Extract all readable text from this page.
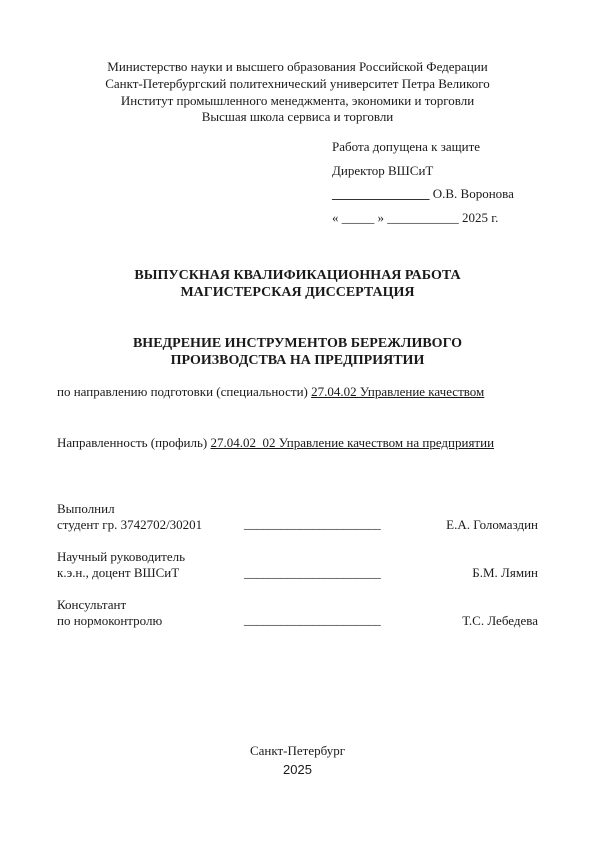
Министерство науки и высшего образования Российской Федерации
Санкт-Петербургский политехнический университет Петра Великого
Институт промышленного менеджмента, экономики и торговли
Высшая школа сервиса и торговли
Работа допущена к защите
Директор ВШСиТ
_______________ О.В. Воронова
« _____ » ___________ 2025 г.
ВЫПУСКНАЯ КВАЛИФИКАЦИОННАЯ РАБОТА
МАГИСТЕРСКАЯ ДИССЕРТАЦИЯ
ВНЕДРЕНИЕ ИНСТРУМЕНТОВ БЕРЕЖЛИВОГО
ПРОИЗВОДСТВА НА ПРЕДПРИЯТИИ
по направлению подготовки (специальности) 27.04.02 Управление качеством
Направленность (профиль) 27.04.02_02 Управление качеством на предприятии
Выполнил
студент гр. 3742702/30201	______________________	Е.А. Голомаздин
Научный руководитель
к.э.н., доцент ВШСиТ	______________________	Б.М. Лямин
Консультант
по нормоконтролю	______________________	Т.С. Лебедева
Санкт-Петербург
2025
